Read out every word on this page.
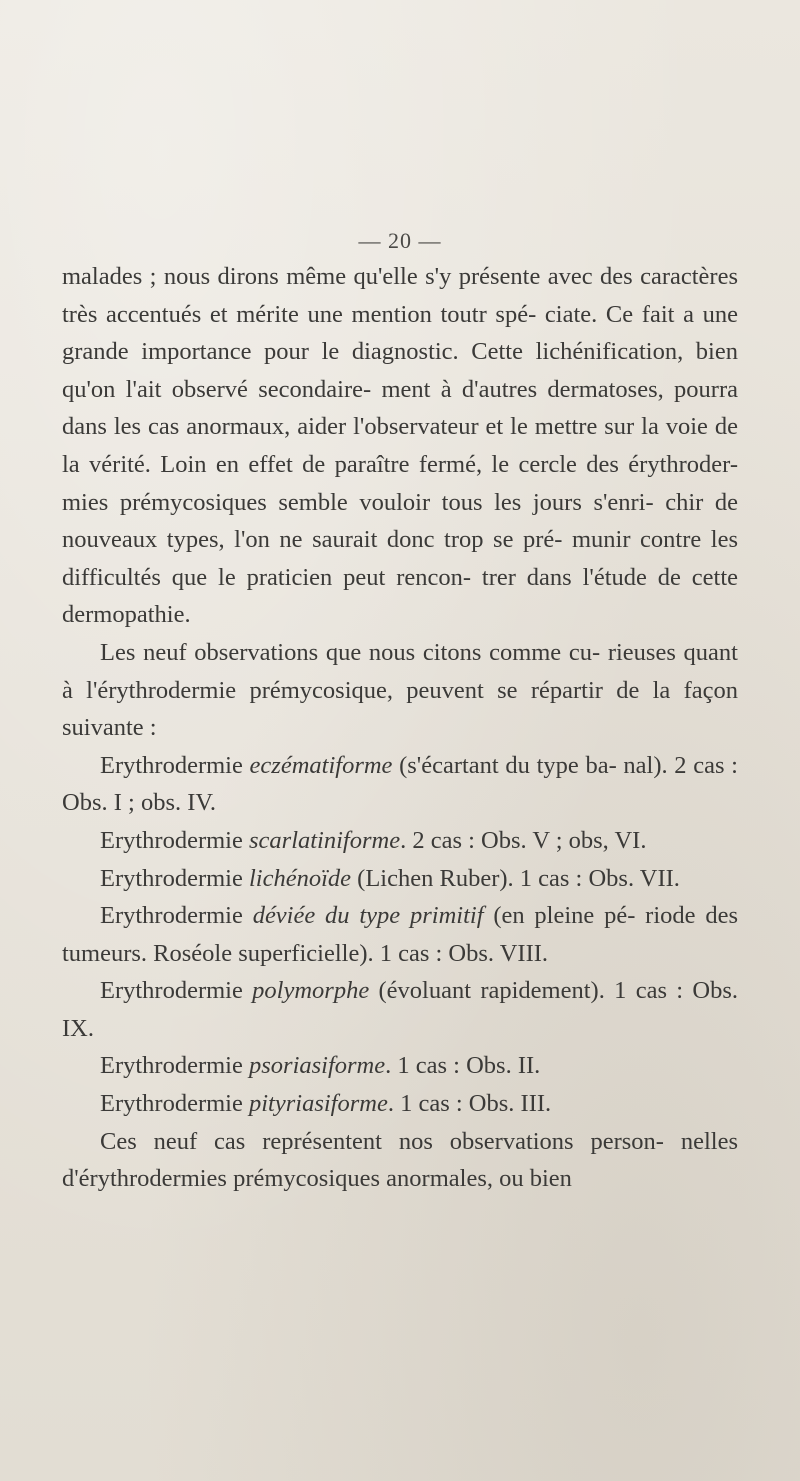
— 20 —

malades ; nous dirons même qu'elle s'y présente avec des caractères très accentués et mérite une mention toutr spé- ciate. Ce fait a une grande importance pour le diagnostic. Cette lichénification, bien qu'on l'ait observé secondaire- ment à d'autres dermatoses, pourra dans les cas anormaux, aider l'observateur et le mettre sur la voie de la vérité. Loin en effet de paraître fermé, le cercle des érythroder- mies prémycosiques semble vouloir tous les jours s'enri- chir de nouveaux types, l'on ne saurait donc trop se pré- munir contre les difficultés que le praticien peut rencon- trer dans l'étude de cette dermopathie.

Les neuf observations que nous citons comme cu- rieuses quant à l'érythrodermie prémycosique, peuvent se répartir de la façon suivante :

Erythrodermie eczématiforme (s'écartant du type ba- nal). 2 cas : Obs. I ; obs. IV.

Erythrodermie scarlatiniforme. 2 cas : Obs. V ; obs, VI.

Erythrodermie lichénoïde (Lichen Ruber). 1 cas : Obs. VII.

Erythrodermie déviée du type primitif (en pleine pé- riode des tumeurs. Roséole superficielle). 1 cas : Obs. VIII.

Erythrodermie polymorphe (évoluant rapidement). 1 cas : Obs. IX.

Erythrodermie psoriasiforme. 1 cas : Obs. II.

Erythrodermie pityriasiforme. 1 cas : Obs. III.

Ces neuf cas représentent nos observations person- nelles d'érythrodermies prémycosiques anormales, ou bien
